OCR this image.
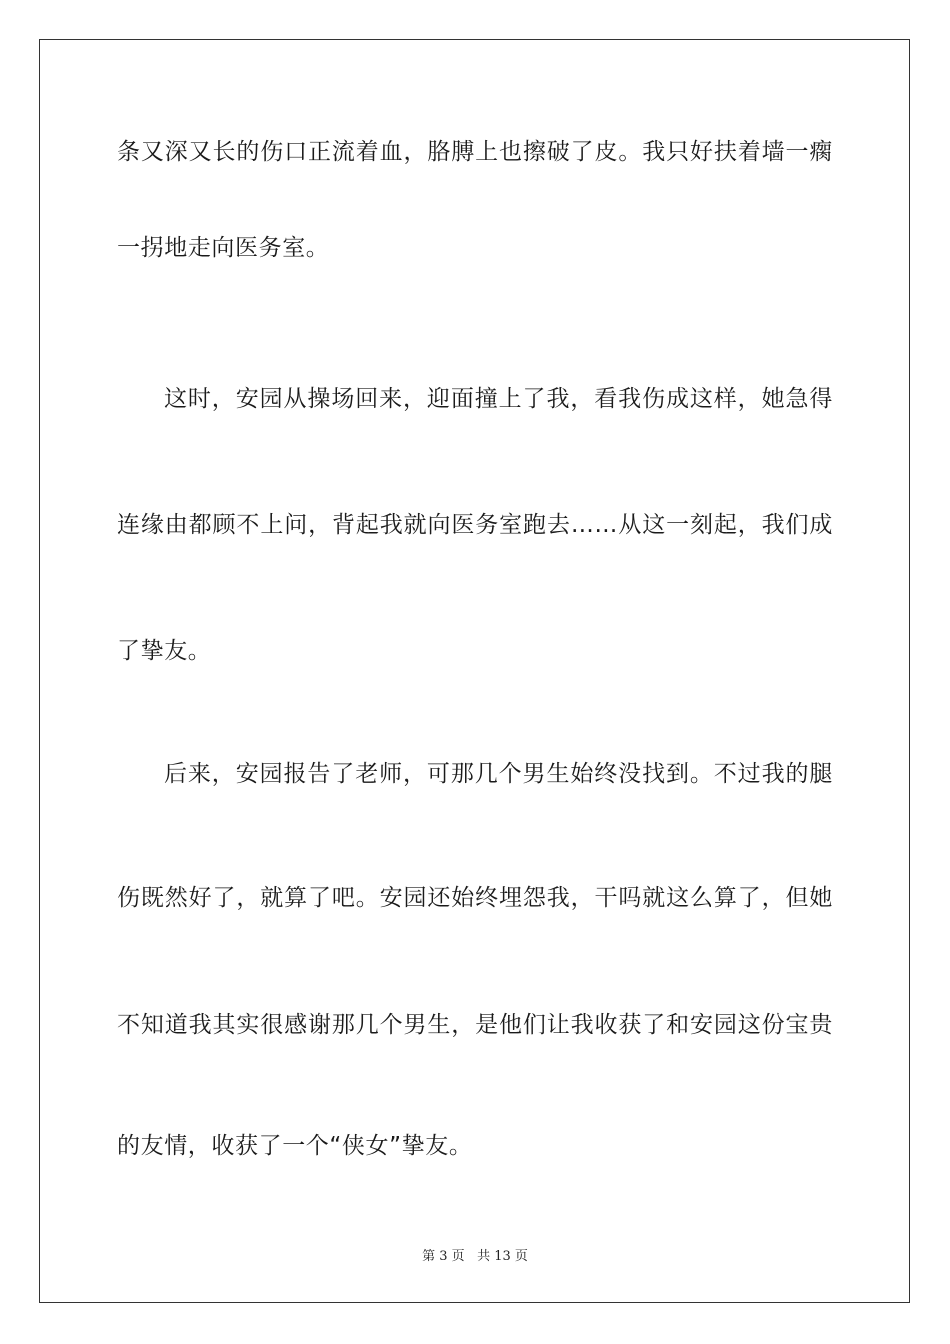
条又深又长的伤口正流着血，胳膊上也擦破了皮。我只好扶着墙一瘸
一拐地走向医务室。
这时，安园从操场回来，迎面撞上了我，看我伤成这样，她急得
连缘由都顾不上问，背起我就向医务室跑去……从这一刻起，我们成
了挚友。
后来，安园报告了老师，可那几个男生始终没找到。不过我的腿
伤既然好了，就算了吧。安园还始终埋怨我，干吗就这么算了，但她
不知道我其实很感谢那几个男生，是他们让我收获了和安园这份宝贵
的友情，收获了一个“侠女”挚友。
第 3 页 共 13 页
